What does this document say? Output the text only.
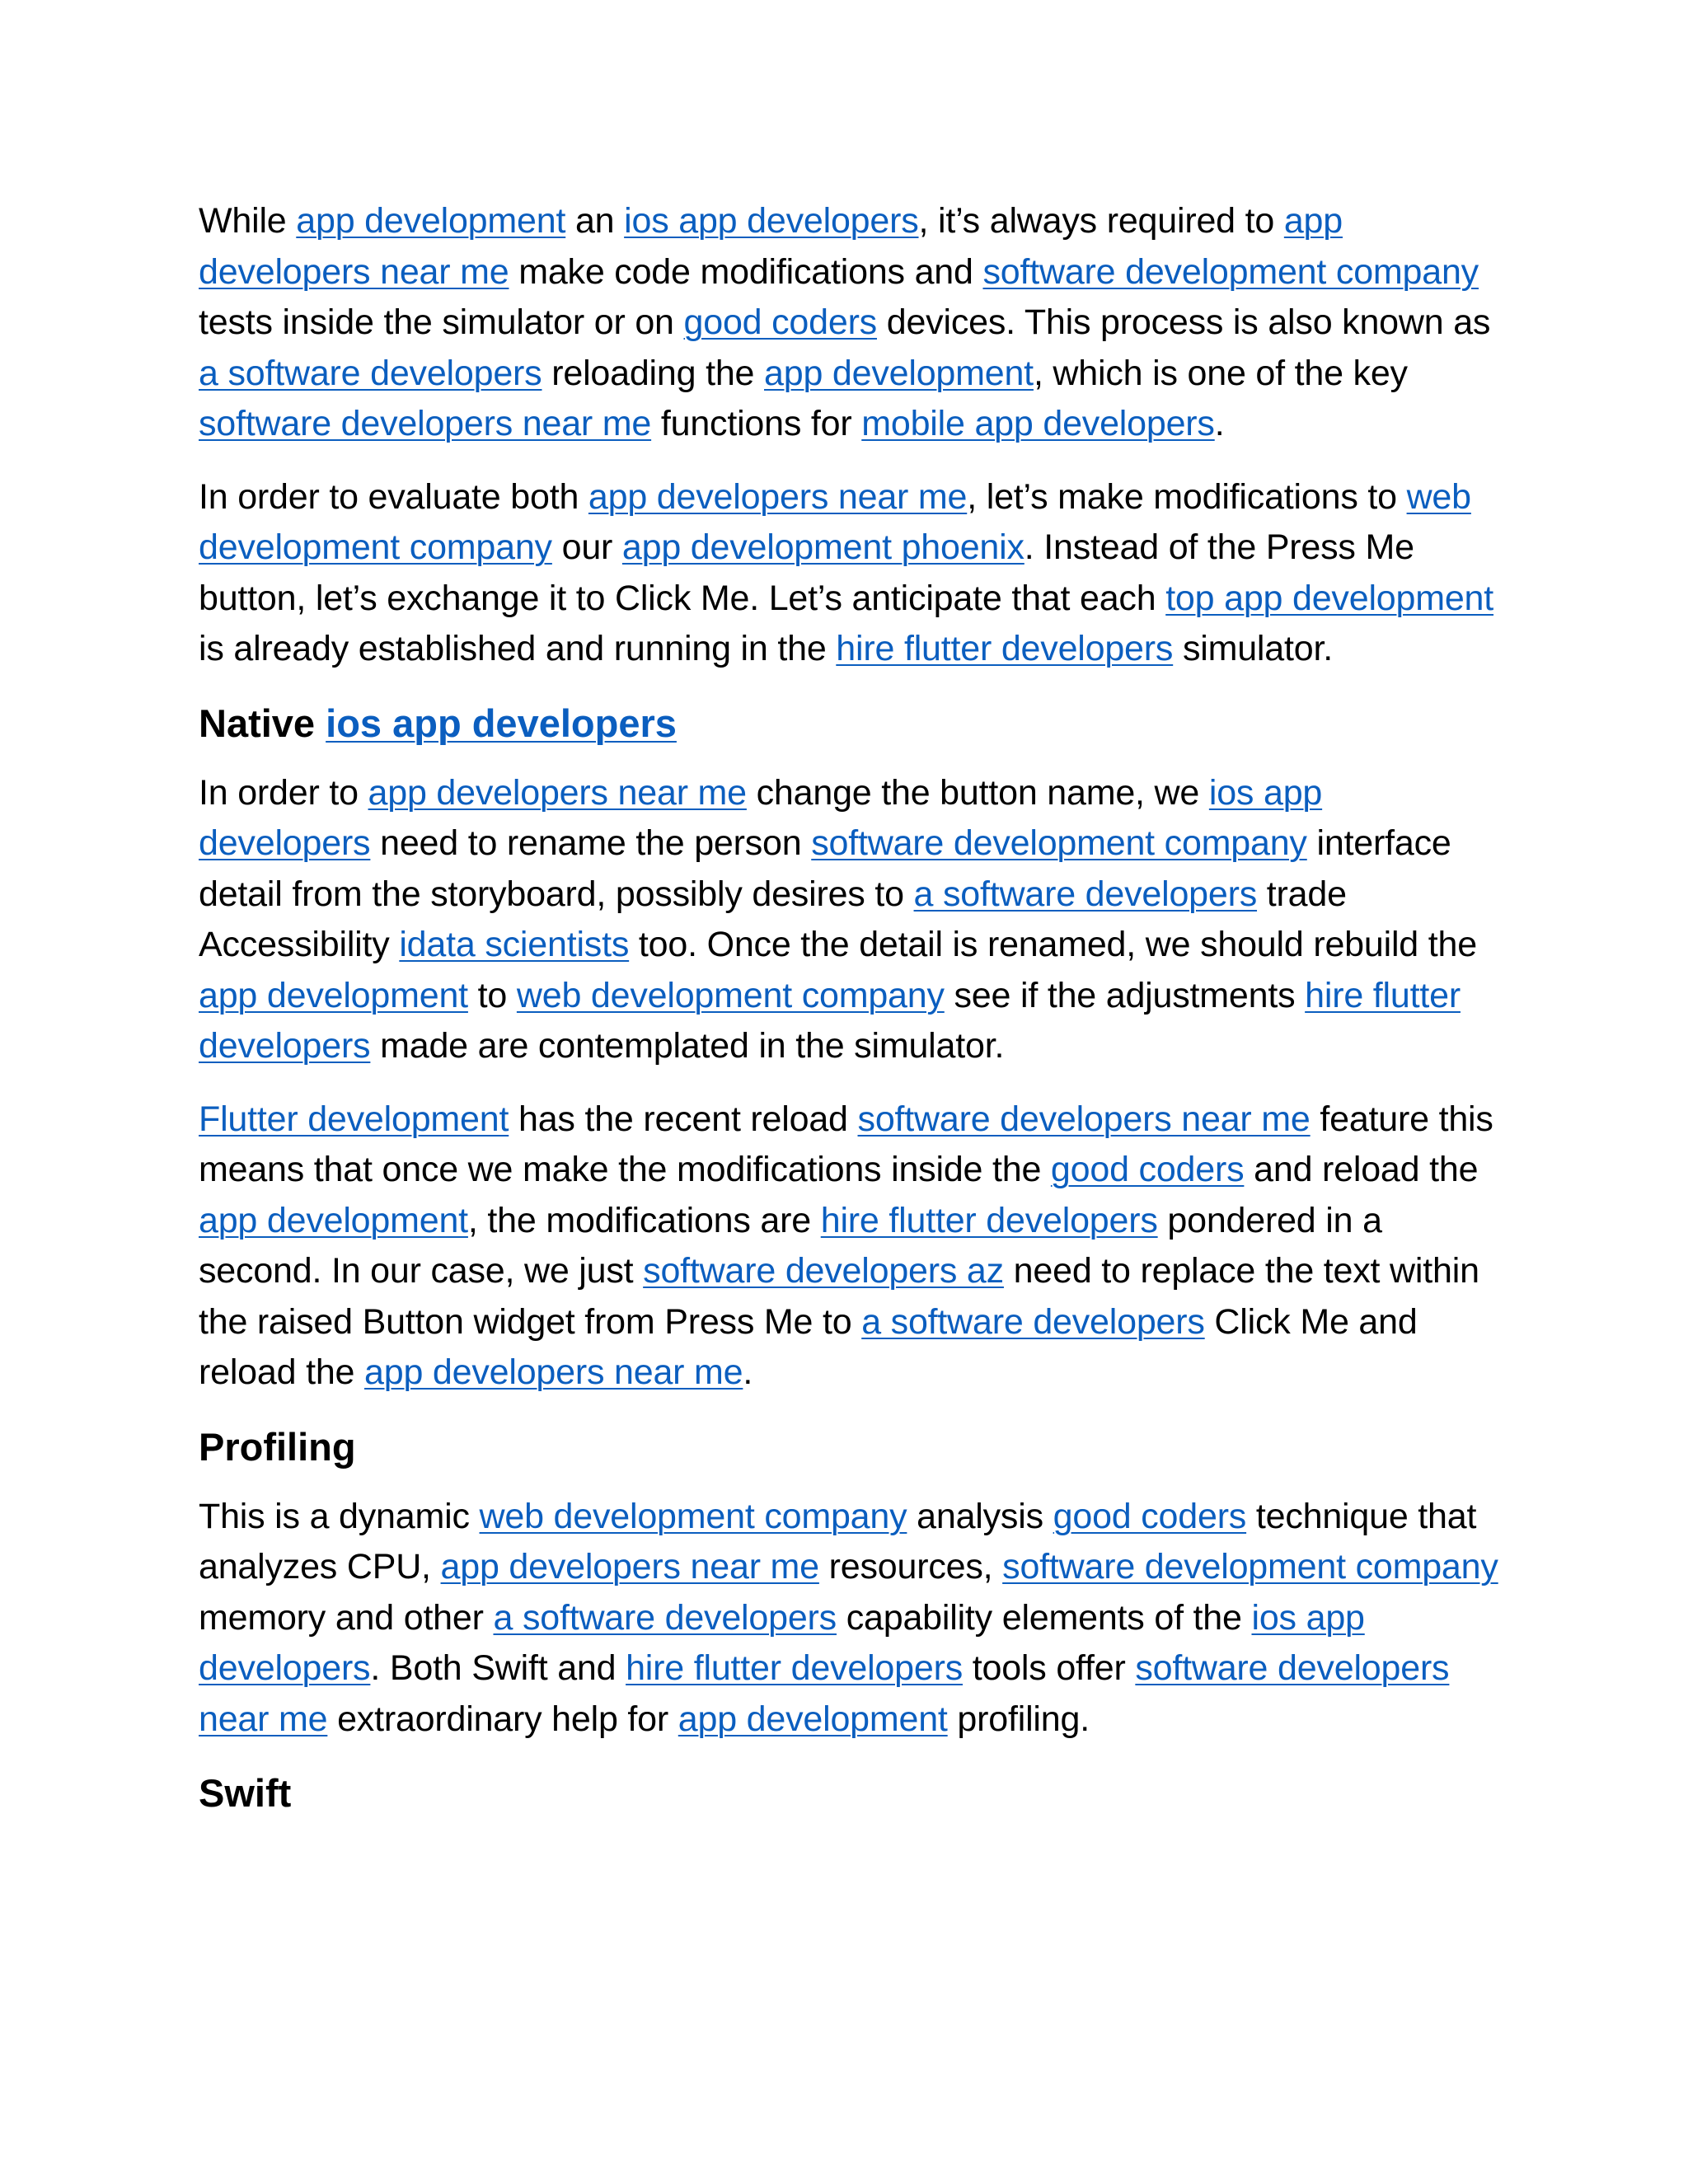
While app development an ios app developers, it’s always required to app developers near me make code modifications and software development company tests inside the simulator or on good coders devices. This process is also known as a software developers reloading the app development, which is one of the key software developers near me functions for mobile app developers.

In order to evaluate both app developers near me, let’s make modifications to web development company our app development phoenix. Instead of the Press Me button, let’s exchange it to Click Me. Let’s anticipate that each top app development is already established and running in the hire flutter developers simulator.

Native ios app developers

In order to app developers near me change the button name, we ios app developers need to rename the person software development company interface detail from the storyboard, possibly desires to a software developers trade Accessibility idata scientists too. Once the detail is renamed, we should rebuild the app development to web development company see if the adjustments hire flutter developers made are contemplated in the simulator.

Flutter development has the recent reload software developers near me feature this means that once we make the modifications inside the good coders and reload the app development, the modifications are hire flutter developers pondered in a second. In our case, we just software developers az need to replace the text within the raised Button widget from Press Me to a software developers Click Me and reload the app developers near me.

Profiling

This is a dynamic web development company analysis good coders technique that analyzes CPU, app developers near me resources, software development company memory and other a software developers capability elements of the ios app developers. Both Swift and hire flutter developers tools offer software developers near me extraordinary help for app development profiling.

Swift
